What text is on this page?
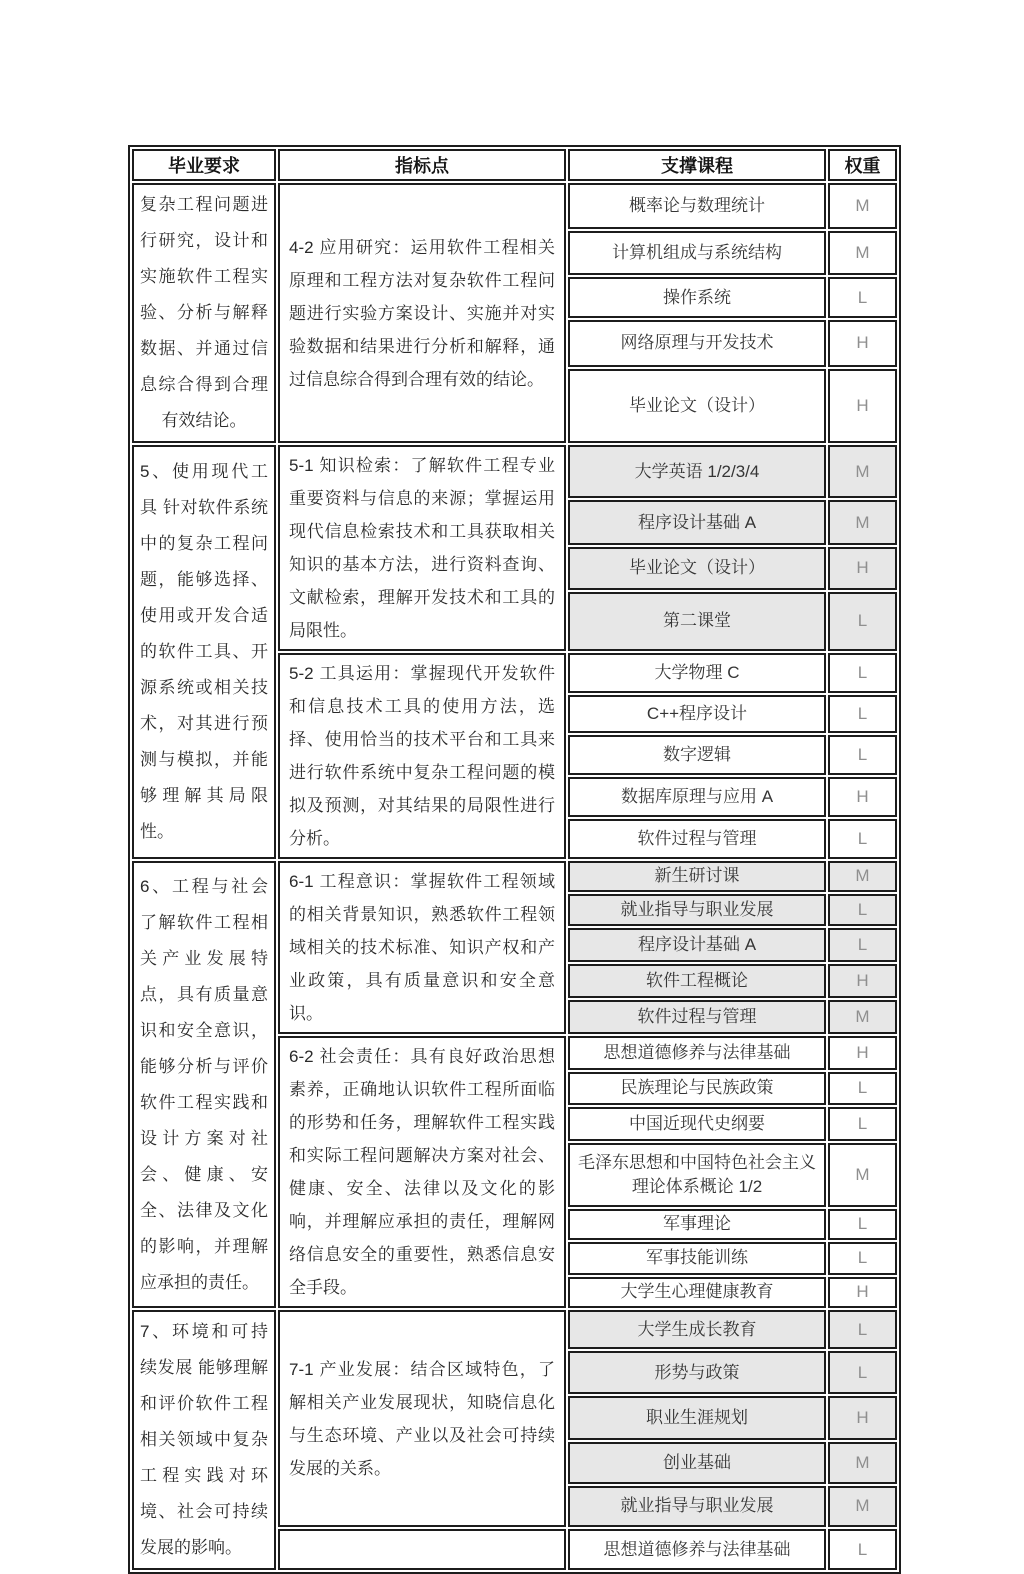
毕业要求	指标点	支撑课程	权重
复杂工程问题进行研究，设计和实施软件工程实验、分析与解释数据、并通过信息综合得到合理有效结论。	4-2 应用研究：运用软件工程相关原理和工程方法对复杂软件工程问题进行实验方案设计、实施并对实验数据和结果进行分析和解释，通过信息综合得到合理有效的结论。	概率论与数理统计	M
		计算机组成与系统结构	M
		操作系统	L
		网络原理与开发技术	H
		毕业论文（设计）	H
5、使用现代工具 针对软件系统中的复杂工程问题，能够选择、使用或开发合适的软件工具、开源系统或相关技术，对其进行预测与模拟，并能够理解其局限性。	5-1 知识检索：了解软件工程专业重要资料与信息的来源；掌握运用现代信息检索技术和工具获取相关知识的基本方法，进行资料查询、文献检索，理解开发技术和工具的局限性。	大学英语 1/2/3/4	M
		程序设计基础 A	M
		毕业论文（设计）	H
		第二课堂	L
	5-2 工具运用：掌握现代开发软件和信息技术工具的使用方法，选择、使用恰当的技术平台和工具来进行软件系统中复杂工程问题的模拟及预测，对其结果的局限性进行分析。	大学物理 C	L
		C++程序设计	L
		数字逻辑	L
		数据库原理与应用 A	H
		软件过程与管理	L
6、工程与社会 了解软件工程相关产业发展特点，具有质量意识和安全意识，能够分析与评价软件工程实践和设计方案对社会、健康、安全、法律及文化的影响，并理解应承担的责任。	6-1 工程意识：掌握软件工程领域的相关背景知识，熟悉软件工程领域相关的技术标准、知识产权和产业政策，具有质量意识和安全意识。	新生研讨课	M
		就业指导与职业发展	L
		程序设计基础 A	L
		软件工程概论	H
		软件过程与管理	M
	6-2 社会责任：具有良好政治思想素养，正确地认识软件工程所面临的形势和任务，理解软件工程实践和实际工程问题解决方案对社会、健康、安全、法律以及文化的影响，并理解应承担的责任，理解网络信息安全的重要性，熟悉信息安全手段。	思想道德修养与法律基础	H
		民族理论与民族政策	L
		中国近现代史纲要	L
		毛泽东思想和中国特色社会主义理论体系概论 1/2	M
		军事理论	L
		军事技能训练	L
		大学生心理健康教育	H
7、环境和可持续发展 能够理解和评价软件工程相关领域中复杂工程实践对环境、社会可持续发展的影响。	7-1 产业发展：结合区域特色，了解相关产业发展现状，知晓信息化与生态环境、产业以及社会可持续发展的关系。	大学生成长教育	L
		形势与政策	L
		职业生涯规划	H
		创业基础	M
		就业指导与职业发展	M
		思想道德修养与法律基础	L
